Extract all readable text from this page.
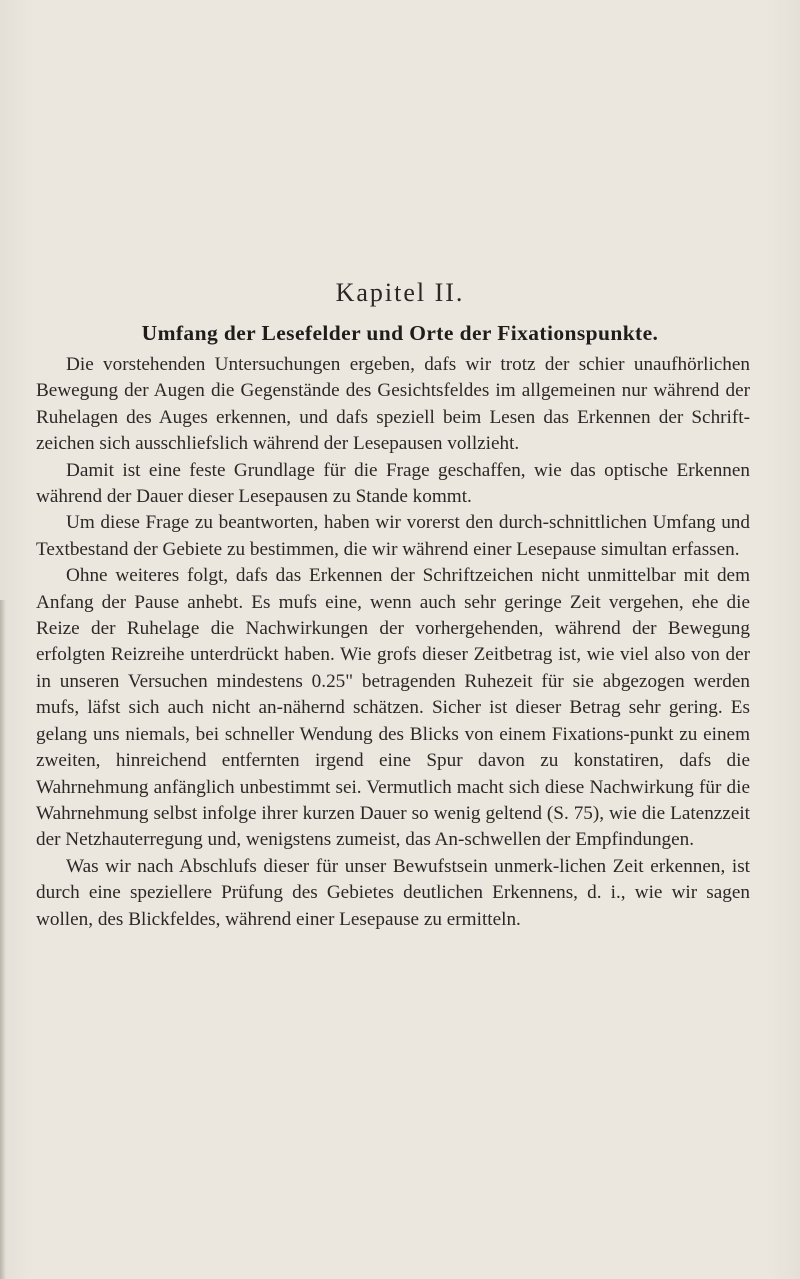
Kapitel II.
Umfang der Lesefelder und Orte der Fixationspunkte.

Die vorstehenden Untersuchungen ergeben, dafs wir trotz der schier unaufhörlichen Bewegung der Augen die Gegenstände des Gesichtsfeldes im allgemeinen nur während der Ruhelagen des Auges erkennen, und dafs speziell beim Lesen das Erkennen der Schrift-zeichen sich ausschliefslich während der Lesepausen vollzieht.

Damit ist eine feste Grundlage für die Frage geschaffen, wie das optische Erkennen während der Dauer dieser Lesepausen zu Stande kommt.

Um diese Frage zu beantworten, haben wir vorerst den durch-schnittlichen Umfang und Textbestand der Gebiete zu bestimmen, die wir während einer Lesepause simultan erfassen.

Ohne weiteres folgt, dafs das Erkennen der Schriftzeichen nicht unmittelbar mit dem Anfang der Pause anhebt. Es mufs eine, wenn auch sehr geringe Zeit vergehen, ehe die Reize der Ruhelage die Nachwirkungen der vorhergehenden, während der Bewegung erfolgten Reizreihe unterdrückt haben. Wie grofs dieser Zeitbetrag ist, wie viel also von der in unseren Versuchen mindestens 0.25" betragenden Ruhezeit für sie abgezogen werden mufs, läfst sich auch nicht an-nähernd schätzen. Sicher ist dieser Betrag sehr gering. Es gelang uns niemals, bei schneller Wendung des Blicks von einem Fixations-punkt zu einem zweiten, hinreichend entfernten irgend eine Spur davon zu konstatiren, dafs die Wahrnehmung anfänglich unbestimmt sei. Vermutlich macht sich diese Nachwirkung für die Wahrnehmung selbst infolge ihrer kurzen Dauer so wenig geltend (S. 75), wie die Latenzzeit der Netzhauterregung und, wenigstens zumeist, das An-schwellen der Empfindungen.

Was wir nach Abschlufs dieser für unser Bewufstsein unmerk-lichen Zeit erkennen, ist durch eine speziellere Prüfung des Gebietes deutlichen Erkennens, d. i., wie wir sagen wollen, des Blickfeldes, während einer Lesepause zu ermitteln.
